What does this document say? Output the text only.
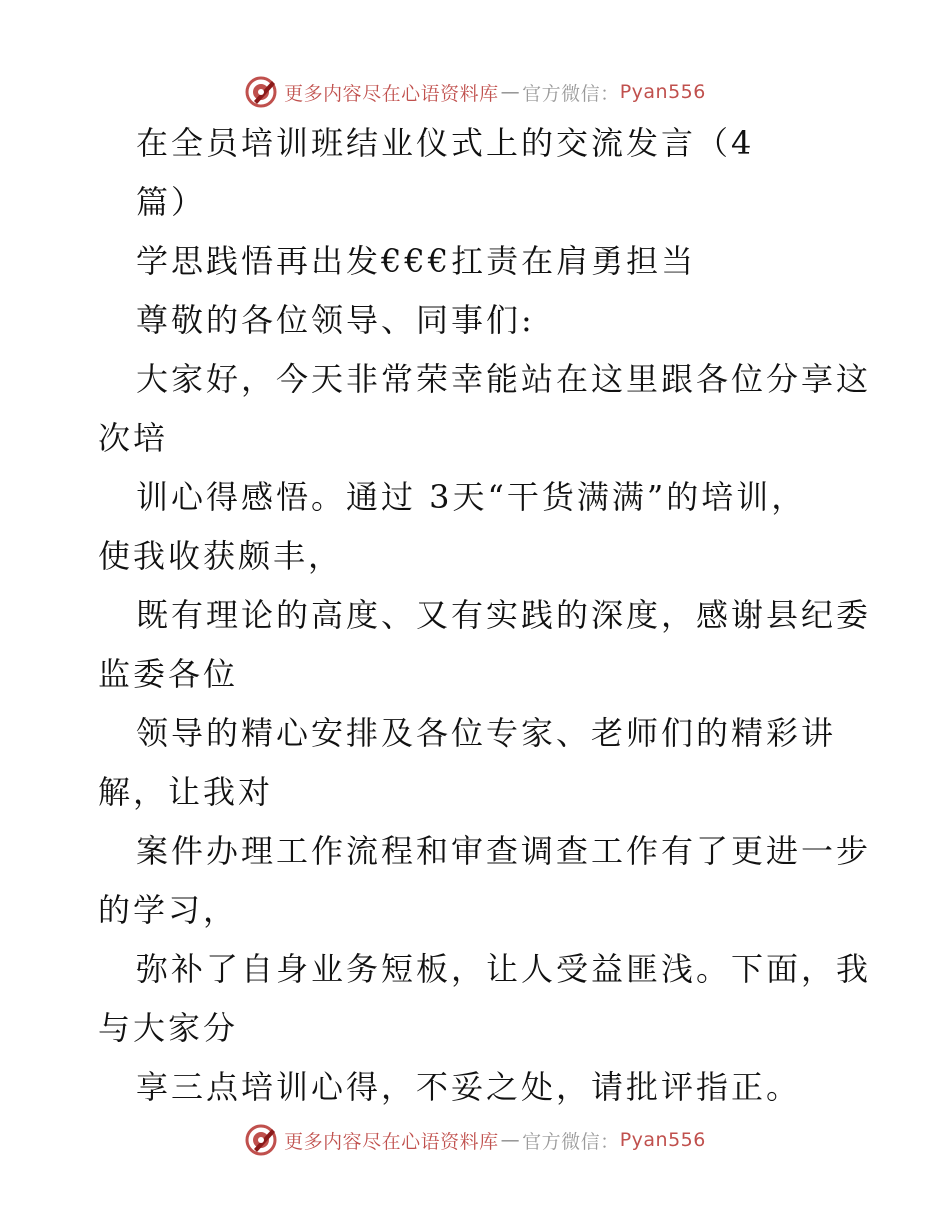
更多内容尽在心语资料库 — 官方微信： Pyan556
在全员培训班结业仪式上的交流发言（4
篇）
学思践悟再出发€€€扛责在肩勇担当
尊敬的各位领导、同事们:
大家好，今天非常荣幸能站在这里跟各位分享这
次培
训心得感悟。通过 3天“干货满满”的培训，
使我收获颇丰，
既有理论的高度、又有实践的深度，感谢县纪委
监委各位
领导的精心安排及各位专家、老师们的精彩讲
解，让我对
案件办理工作流程和审查调查工作有了更进一步
的学习，
弥补了自身业务短板，让人受益匪浅。下面，我
与大家分
享三点培训心得，不妥之处，请批评指正。
更多内容尽在心语资料库 — 官方微信： Pyan556
